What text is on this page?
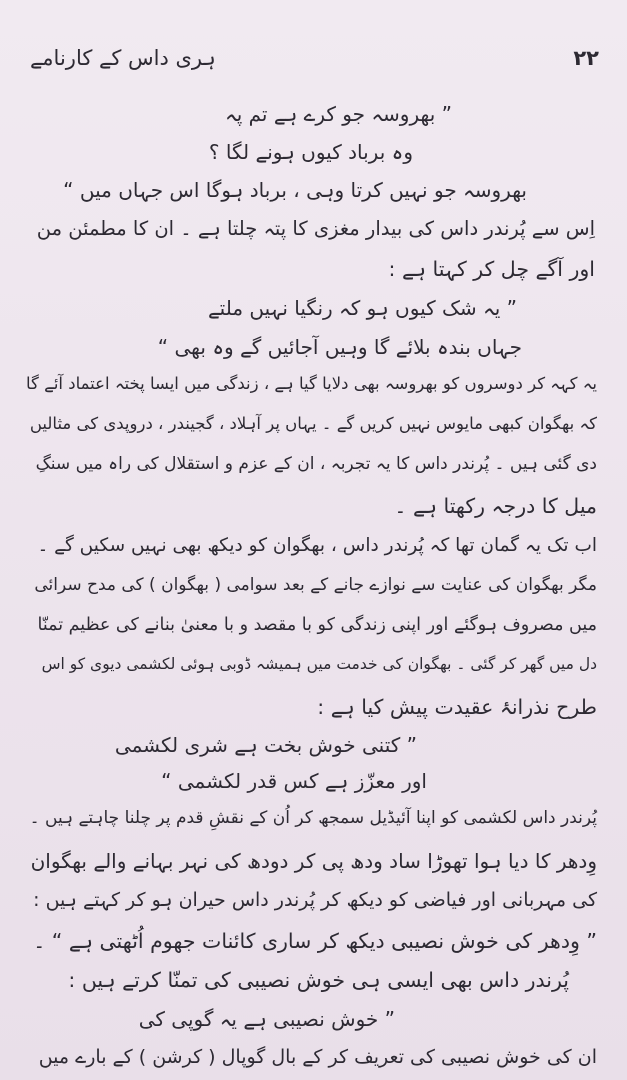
ہری داس کے کارنامے	۲۲
” بھروسہ جو کرے ہے تم پہ
وہ برباد کیوں ہونے لگا ؟
بھروسہ جو نہیں کرتا وہی ، برباد ہوگا اس جہاں میں “
اِس سے پُرندر داس کی بیدار مغزی کا پتہ چلتا ہے ۔ ان کا مطمئن من
اور آگے چل کر کہتا ہے :
” یہ شک کیوں ہو کہ رنگیا نہیں ملتے
جہاں بندہ بلائے گا وہیں آجائیں گے وہ بھی “
یہ کہہ کر دوسروں کو بھروسہ بھی دلایا گیا ہے ، زندگی میں ایسا پختہ اعتماد آئے گا
کہ بھگوان کبھی مایوس نہیں کریں گے ۔ یہاں پر آہلاد ، گجیندر ، دروپدی کی مثالیں
دی گئی ہیں ۔ پُرندر داس کا یہ تجربہ ، ان کے عزم و استقلال کی راہ میں سنگِ
میل کا درجہ رکھتا ہے ۔
اب تک یہ گمان تھا کہ پُرندر داس ، بھگوان کو دیکھ بھی نہیں سکیں گے ۔
مگر بھگوان کی عنایت سے نوازے جانے کے بعد سوامی ( بھگوان ) کی مدح سرائی
میں مصروف ہوگئے اور اپنی زندگی کو با مقصد و با معنیٰ بنانے کی عظیم تمنّا
دل میں گھر کر گئی ۔ بھگوان کی خدمت میں ہمیشہ ڈوبی ہوئی لکشمی دیوی کو اس
طرح نذرانۂ عقیدت پیش کیا ہے :
” کتنی خوش بخت ہے شری لکشمی
اور معزّز ہے کس قدر لکشمی “
پُرندر داس لکشمی کو اپنا آئیڈیل سمجھ کر اُن کے نقشِ قدم پر چلنا چاہتے ہیں ۔
وِدھر کا دیا ہوا تھوڑا ساد ودھ پی کر دودھ کی نہر بہانے والے بھگوان
کی مہربانی اور فیاضی کو دیکھ کر پُرندر داس حیران ہو کر کہتے ہیں :
” وِدھر کی خوش نصیبی دیکھ کر ساری کائنات جھوم اُٹھتی ہے “ ۔
پُرندر داس بھی ایسی ہی خوش نصیبی کی تمنّا کرتے ہیں :
” خوش نصیبی ہے یہ گوپی کی
ان کی خوش نصیبی کی تعریف کر کے بال گوپال ( کرشن ) کے بارے میں
